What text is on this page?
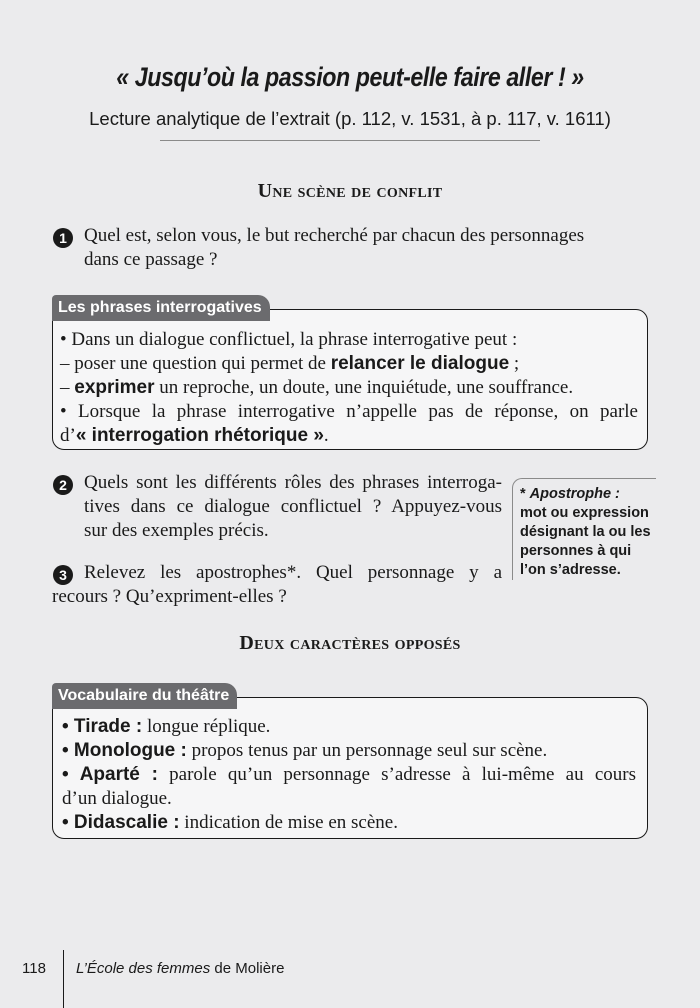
« Jusqu’où la passion peut-elle faire aller ! »
Lecture analytique de l’extrait (p. 112, v. 1531, à p. 117, v. 1611)
Une scène de conflit
1 Quel est, selon vous, le but recherché par chacun des personnages
dans ce passage ?
Les phrases interrogatives
• Dans un dialogue conflictuel, la phrase interrogative peut :
– poser une question qui permet de relancer le dialogue ;
– exprimer un reproche, un doute, une inquiétude, une souffrance.
• Lorsque la phrase interrogative n’appelle pas de réponse, on parle
d’« interrogation rhétorique ».
2 Quels sont les différents rôles des phrases interroga-
tives dans ce dialogue conflictuel ? Appuyez-vous
sur des exemples précis.
3 Relevez les apostrophes*. Quel personnage y a
recours ? Qu’expriment-elles ?
* Apostrophe :
mot ou expression
désignant la ou les
personnes à qui
l’on s’adresse.
Deux caractères opposés
Vocabulaire du théâtre
• Tirade : longue réplique.
• Monologue : propos tenus par un personnage seul sur scène.
• Aparté : parole qu’un personnage s’adresse à lui-même au cours
d’un dialogue.
• Didascalie : indication de mise en scène.
118 L’École des femmes de Molière
